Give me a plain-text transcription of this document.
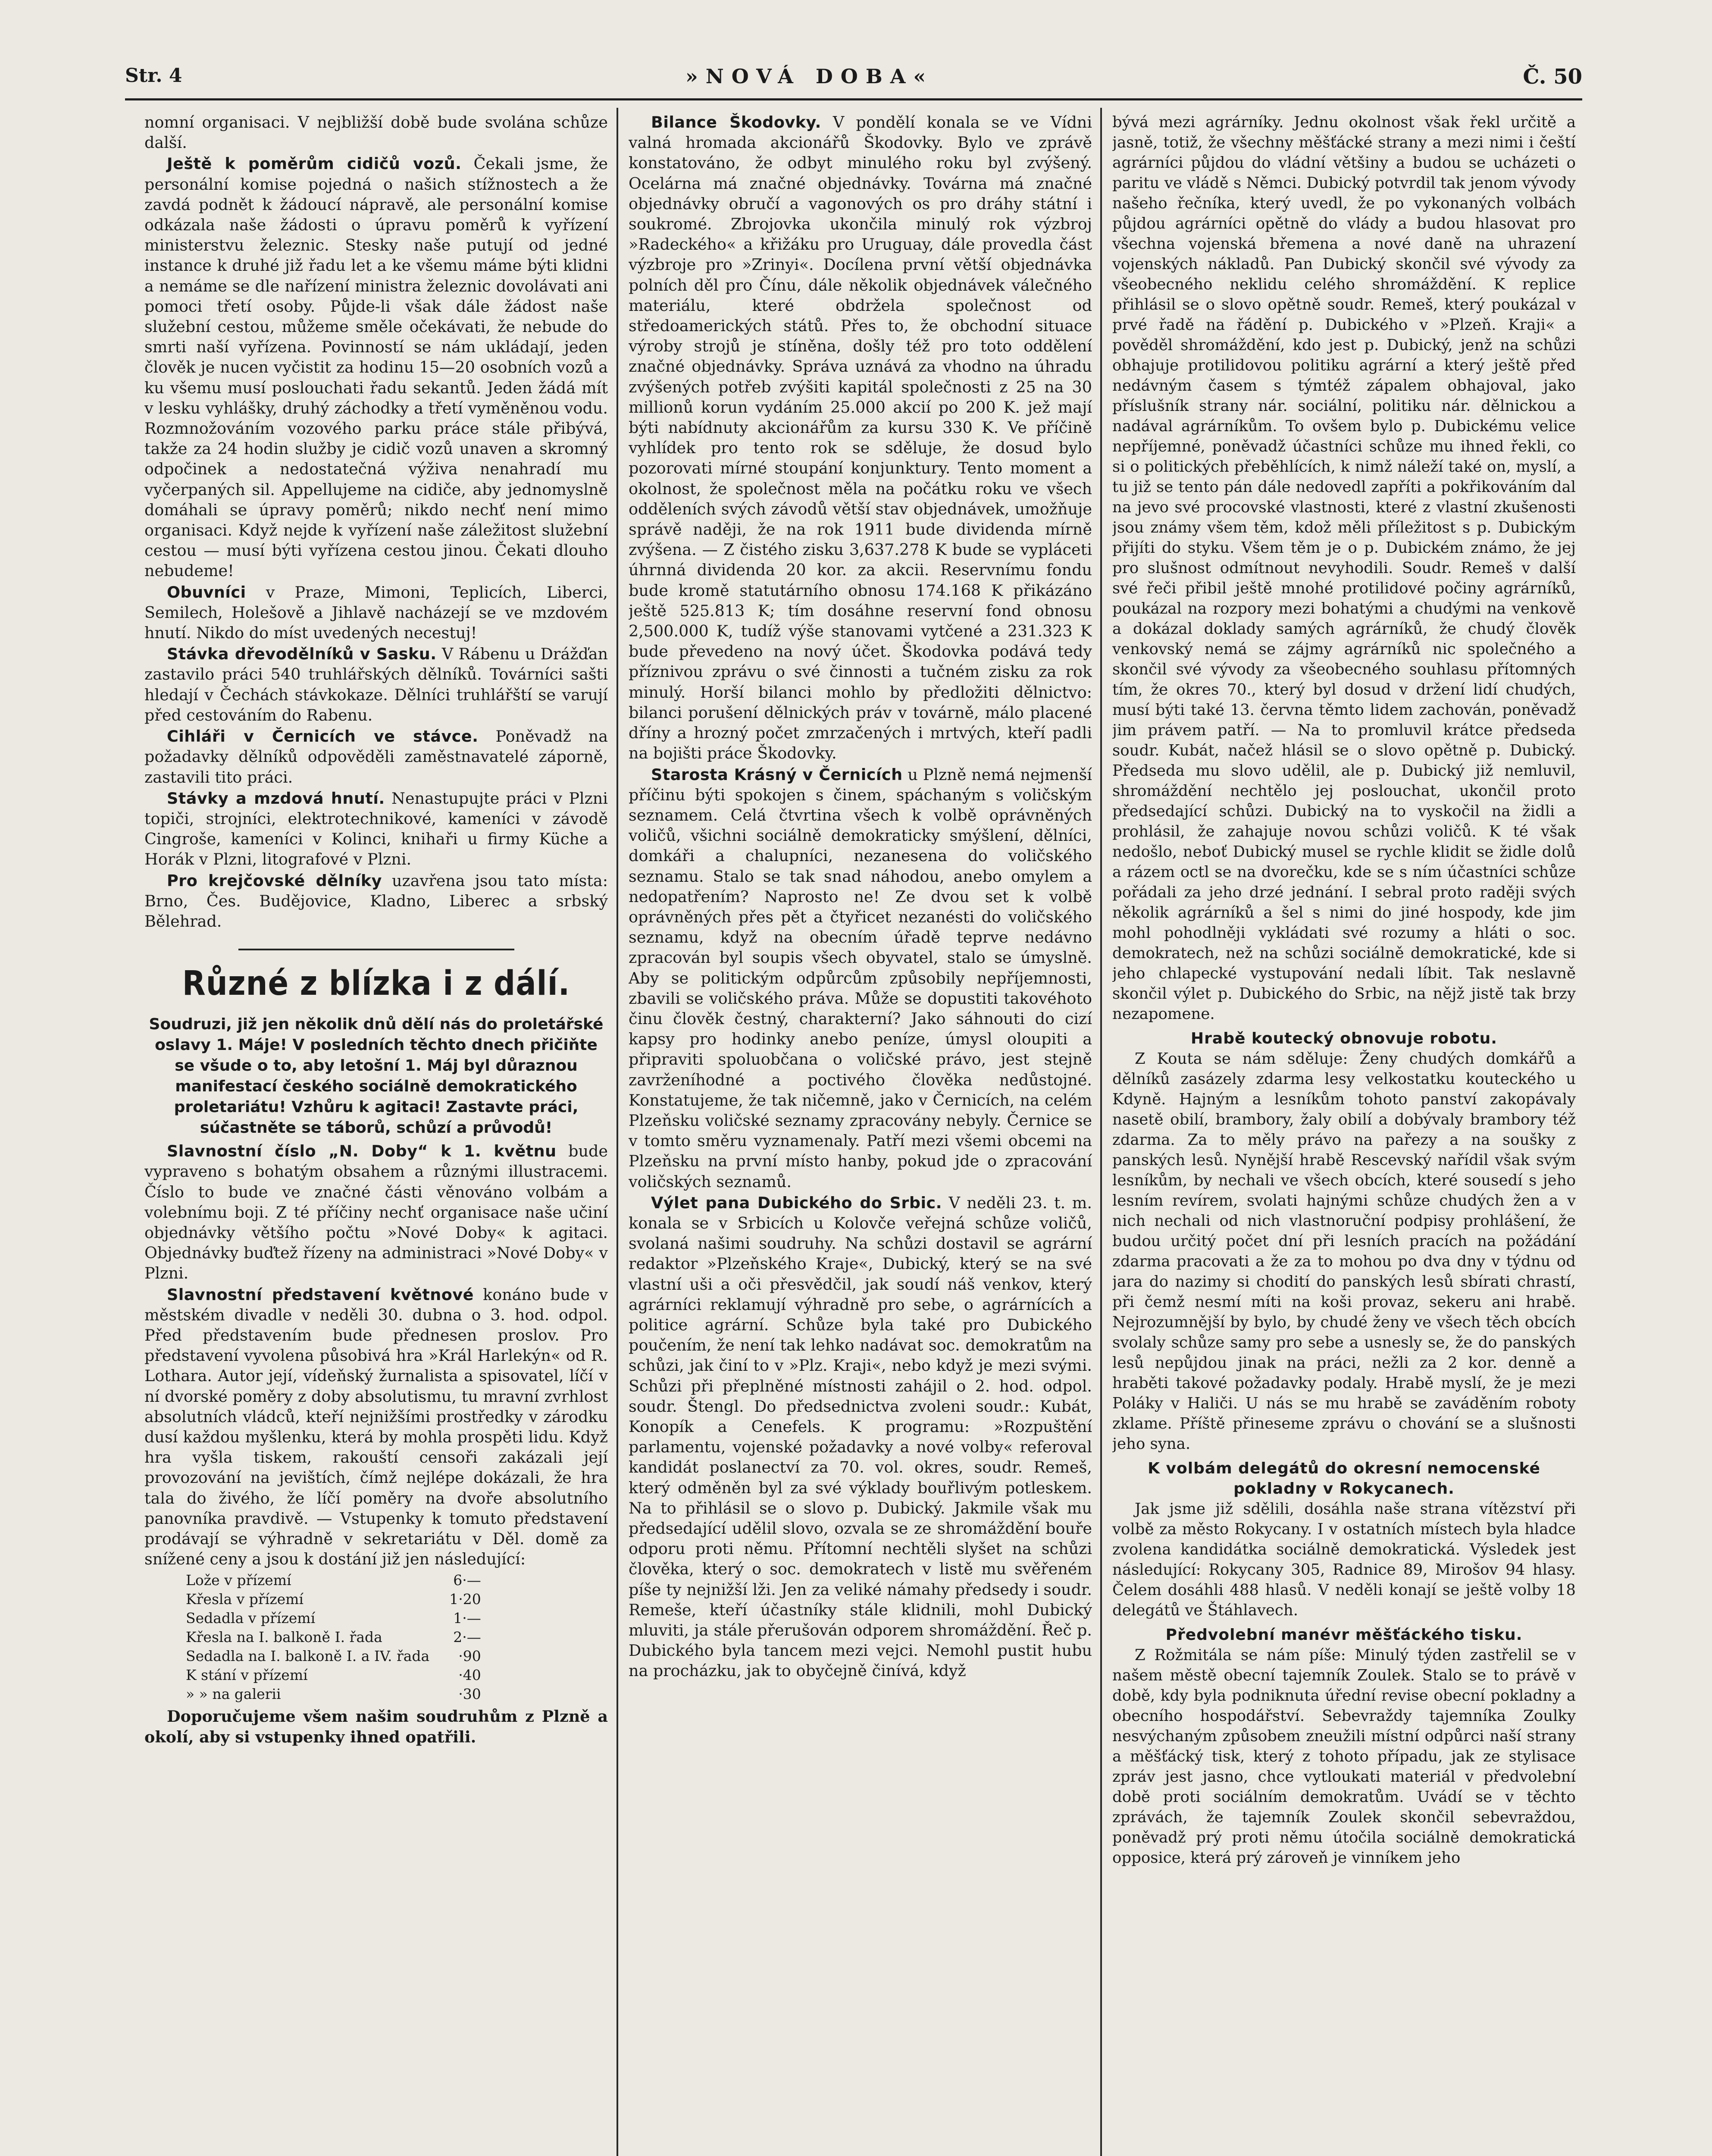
Str. 4	»NOVÁ DOBA«	Č. 50

nomní organisaci. V nejbližší době bude svolána schůze další.

Ještě k poměrům cidičů vozů. Čekali jsme, že personální komise pojedná o našich stížnostech a že zavdá podnět k žádoucí nápravě, ale personální komise odkázala naše žádosti o úpravu poměrů k vyřízení ministerstvu železnic. Stesky naše putují od jedné instance k druhé již řadu let a ke všemu máme býti klidni a nemáme se dle nařízení ministra železnic dovolávati ani pomoci třetí osoby. Půjde-li však dále žádost naše služební cestou, můžeme směle očekávati, že nebude do smrti naší vyřízena. Povinností se nám ukládají, jeden člověk je nucen vyčistit za hodinu 15—20 osobních vozů a ku všemu musí poslouchati řadu sekantů. Jeden žádá mít v lesku vyhlášky, druhý záchodky a třetí vyměněnou vodu. Rozmnožováním vozového parku práce stále přibývá, takže za 24 hodin služby je cidič vozů unaven a skromný odpočinek a nedostatečná výživa nenahradí mu vyčerpaných sil. Appellujeme na cidiče, aby jednomyslně domáhali se úpravy poměrů; nikdo nechť není mimo organisaci. Když nejde k vyřízení naše záležitost služební cestou — musí býti vyřízena cestou jinou. Čekati dlouho nebudeme!

Obuvníci v Praze, Mimoni, Teplicích, Liberci, Semilech, Holešově a Jihlavě nacházejí se ve mzdovém hnutí. Nikdo do míst uvedených necestuj!

Stávka dřevodělníků v Sasku. V Rábenu u Drážďan zastavilo práci 540 truhlářských dělníků. Továrníci sašti hledají v Čechách stávkokaze. Dělníci truhlářští se varují před cestováním do Rabenu.

Cihláři v Černicích ve stávce. Poněvadž na požadavky dělníků odpověděli zaměstnavatelé záporně, zastavili tito práci.

Stávky a mzdová hnutí. Nenastupujte práci v Plzni topiči, strojníci, elektrotechnikové, kameníci v závodě Cingroše, kameníci v Kolinci, knihaři u firmy Küche a Horák v Plzni, litografové v Plzni.

Pro krejčovské dělníky uzavřena jsou tato místa: Brno, Čes. Budějovice, Kladno, Liberec a srbský Bělehrad.

Různé z blízka i z dálí.
Soudruzi, již jen několik dnů dělí nás do proletářské oslavy 1. Máje! V posledních těchto dnech přičiňte se všude o to, aby letošní 1. Máj byl důraznou manifestací českého sociálně demokratického proletariátu! Vzhůru k agitaci! Zastavte práci, súčastněte se táborů, schůzí a průvodů!

Slavnostní číslo „N. Doby“ k 1. květnu bude vypraveno s bohatým obsahem a různými illustracemi. Číslo to bude ve značné části věnováno volbám a volebnímu boji. Z té příčiny nechť organisace naše učiní objednávky většího počtu »Nové Doby« k agitaci. Objednávky buďtež řízeny na administraci »Nové Doby« v Plzni.

Slavnostní představení květnové konáno bude v městském divadle v neděli 30. dubna o 3. hod. odpol. Před představením bude přednesen proslov. Pro představení vyvolena působivá hra »Král Harlekýn« od R. Lothara. Autor její, vídeňský žurnalista a spisovatel, líčí v ní dvorské poměry z doby absolutismu, tu mravní zvrhlost absolutních vládců, kteří nejnižšími prostředky v zárodku dusí každou myšlenku, která by mohla prospěti lidu. Když hra vyšla tiskem, rakouští censoři zakázali její provozování na jevištích, čímž nejlépe dokázali, že hra tala do živého, že líčí poměry na dvoře absolutního panovníka pravdivě. — Vstupenky k tomuto představení prodávají se výhradně v sekretariátu v Děl. domě za snížené ceny a jsou k dostání již jen následující:

Lože v přízemí	6·—
Křesla v přízemí	1·20
Sedadla v přízemí	1·—
Křesla na I. balkoně I. řada	2·—
Sedadla na I. balkoně I. a IV. řada	·90
K stání v přízemí	·40
» » na galerii	·30

Doporučujeme všem našim soudruhům z Plzně a okolí, aby si vstupenky ihned opatřili.

Bilance Škodovky. V pondělí konala se ve Vídni valná hromada akcionářů Škodovky. Bylo ve zprávě konstatováno, že odbyt minulého roku byl zvýšený. Ocelárna má značné objednávky. Továrna má značné objednávky obručí a vagonových os pro dráhy státní i soukromé. Zbrojovka ukončila minulý rok výzbroj »Radeckého« a křižáku pro Uruguay, dále provedla část výzbroje pro »Zrinyi«. Docílena první větší objednávka polních děl pro Čínu, dále několik objednávek válečného materiálu, které obdržela společnost od středoamerických států. Přes to, že obchodní situace výroby strojů je stíněna, došly též pro toto oddělení značné objednávky. Správa uznává za vhodno na úhradu zvýšených potřeb zvýšiti kapitál společnosti z 25 na 30 millionů korun vydáním 25.000 akcií po 200 K. jež mají býti nabídnuty akcionářům za kursu 330 K. Ve příčině vyhlídek pro tento rok se sděluje, že dosud bylo pozorovati mírné stoupání konjunktury. Tento moment a okolnost, že společnost měla na počátku roku ve všech odděleních svých závodů větší stav objednávek, umožňuje správě naději, že na rok 1911 bude dividenda mírně zvýšena. — Z čistého zisku 3,637.278 K bude se vypláceti úhrnná dividenda 20 kor. za akcii. Reservnímu fondu bude kromě statutárního obnosu 174.168 K přikázáno ještě 525.813 K; tím dosáhne reservní fond obnosu 2,500.000 K, tudíž výše stanovami vytčené a 231.323 K bude převedeno na nový účet. Škodovka podává tedy příznivou zprávu o své činnosti a tučném zisku za rok minulý. Horší bilanci mohlo by předložiti dělnictvo: bilanci porušení dělnických práv v továrně, málo placené dříny a hrozný počet zmrzačených i mrtvých, kteří padli na bojišti práce Škodovky.

Starosta Krásný v Černicích u Plzně nemá nejmenší příčinu býti spokojen s činem, spáchaným s voličským seznamem. Celá čtvrtina všech k volbě oprávněných voličů, všichni sociálně demokraticky smýšlení, dělníci, domkáři a chalupníci, nezanesena do voličského seznamu. Stalo se tak snad náhodou, anebo omylem a nedopatřením? Naprosto ne! Ze dvou set k volbě oprávněných přes pět a čtyřicet nezanésti do voličského seznamu, když na obecním úřadě teprve nedávno zpracován byl soupis všech obyvatel, stalo se úmyslně. Aby se politickým odpůrcům způsobily nepříjemnosti, zbavili se voličského práva. Může se dopustiti takovéhoto činu člověk čestný, charakterní? Jako sáhnouti do cizí kapsy pro hodinky anebo peníze, úmysl oloupiti a připraviti spoluobčana o voličské právo, jest stejně zavrženíhodné a poctivého člověka nedůstojné. Konstatujeme, že tak ničemně, jako v Černicích, na celém Plzeňsku voličské seznamy zpracovány nebyly. Černice se v tomto směru vyznamenaly. Patří mezi všemi obcemi na Plzeňsku na první místo hanby, pokud jde o zpracování voličských seznamů.

Výlet pana Dubického do Srbic. V neděli 23. t. m. konala se v Srbicích u Kolovče veřejná schůze voličů, svolaná našimi soudruhy. Na schůzi dostavil se agrární redaktor »Plzeňského Kraje«, Dubický, který se na své vlastní uši a oči přesvědčil, jak soudí náš venkov, který agrárníci reklamují výhradně pro sebe, o agrárnících a politice agrární. Schůze byla také pro Dubického poučením, že není tak lehko nadávat soc. demokratům na schůzi, jak činí to v »Plz. Kraji«, nebo když je mezi svými. Schůzi při přeplněné místnosti zahájil o 2. hod. odpol. soudr. Štengl. Do předsednictva zvoleni soudr.: Kubát, Konopík a Cenefels. K programu: »Rozpuštění parlamentu, vojenské požadavky a nové volby« referoval kandidát poslanectví za 70. vol. okres, soudr. Remeš, který odměněn byl za své výklady bouřlivým potleskem. Na to přihlásil se o slovo p. Dubický. Jakmile však mu předsedající udělil slovo, ozvala se ze shromáždění bouře odporu proti němu. Přítomní nechtěli slyšet na schůzi člověka, který o soc. demokratech v listě mu svěřeném píše ty nejnižší lži. Jen za veliké námahy předsedy i soudr. Remeše, kteří účastníky stále klidnili, mohl Dubický mluviti, ja stále přerušován odporem shromáždění. Řeč p. Dubického byla tancem mezi vejci. Nemohl pustit hubu na procházku, jak to obyčejně činívá, když

bývá mezi agrárníky. Jednu okolnost však řekl určitě a jasně, totiž, že všechny měšťácké strany a mezi nimi i čeští agrárníci půjdou do vládní většiny a budou se ucházeti o paritu ve vládě s Němci. Dubický potvrdil tak jenom vývody našeho řečníka, který uvedl, že po vykonaných volbách půjdou agrárníci opětně do vlády a budou hlasovat pro všechna vojenská břemena a nové daně na uhrazení vojenských nákladů. Pan Dubický skončil své vývody za všeobecného neklidu celého shromáždění. K replice přihlásil se o slovo opětně soudr. Remeš, který poukázal v prvé řadě na řádění p. Dubického v »Plzeň. Kraji« a pověděl shromáždění, kdo jest p. Dubický, jenž na schůzi obhajuje protilidovou politiku agrární a který ještě před nedávným časem s týmtéž zápalem obhajoval, jako příslušník strany nár. sociální, politiku nár. dělnickou a nadával agrárníkům. To ovšem bylo p. Dubickému velice nepříjemné, poněvadž účastníci schůze mu ihned řekli, co si o politických přeběhlících, k nimž náleží také on, myslí, a tu již se tento pán dále nedovedl zapříti a pokřikováním dal na jevo své procovské vlastnosti, které z vlastní zkušenosti jsou známy všem těm, kdož měli příležitost s p. Dubickým přijíti do styku. Všem těm je o p. Dubickém známo, že jej pro slušnost odmítnout nevyhodili. Soudr. Remeš v další své řeči přibil ještě mnohé protilidové počiny agrárníků, poukázal na rozpory mezi bohatými a chudými na venkově a dokázal doklady samých agrárníků, že chudý člověk venkovský nemá se zájmy agrárníků nic společného a skončil své vývody za všeobecného souhlasu přítomných tím, že okres 70., který byl dosud v držení lidí chudých, musí býti také 13. června těmto lidem zachován, poněvadž jim právem patří. — Na to promluvil krátce předseda soudr. Kubát, načež hlásil se o slovo opětně p. Dubický. Předseda mu slovo udělil, ale p. Dubický již nemluvil, shromáždění nechtělo jej poslouchat, ukončil proto předsedající schůzi. Dubický na to vyskočil na židli a prohlásil, že zahajuje novou schůzi voličů. K té však nedošlo, neboť Dubický musel se rychle klidit se židle dolů a rázem octl se na dvorečku, kde se s ním účastníci schůze pořádali za jeho drzé jednání. I sebral proto raději svých několik agrárníků a šel s nimi do jiné hospody, kde jim mohl pohodlněji vykládati své rozumy a hláti o soc. demokratech, než na schůzi sociálně demokratické, kde si jeho chlapecké vystupování nedali líbit. Tak neslavně skončil výlet p. Dubického do Srbic, na nějž jistě tak brzy nezapomene.

Hrabě koutecký obnovuje robotu.

Z Kouta se nám sděluje: Ženy chudých domkářů a dělníků zasázely zdarma lesy velkostatku kouteckého u Kdyně. Hajným a lesníkům tohoto panství zakopávaly nasetě obilí, brambory, žaly obilí a dobývaly brambory též zdarma. Za to měly právo na pařezy a na soušky z panských lesů. Nynější hrabě Rescevský nařídil však svým lesníkům, by nechali ve všech obcích, které sousedí s jeho lesním revírem, svolati hajnými schůze chudých žen a v nich nechali od nich vlastnoruční podpisy prohlášení, že budou určitý počet dní při lesních pracích na požádání zdarma pracovati a že za to mohou po dva dny v týdnu od jara do nazimy si chodití do panských lesů sbírati chrastí, při čemž nesmí míti na koši provaz, sekeru ani hrabě. Nejrozumnější by bylo, by chudé ženy ve všech těch obcích svolaly schůze samy pro sebe a usnesly se, že do panských lesů nepůjdou jinak na práci, nežli za 2 kor. denně a hraběti takové požadavky podaly. Hrabě myslí, že je mezi Poláky v Haliči. U nás se mu hrabě se zaváděním roboty zklame. Příště přineseme zprávu o chování se a slušnosti jeho syna.

K volbám delegátů do okresní nemocenské pokladny v Rokycanech.

Jak jsme již sdělili, dosáhla naše strana vítězství při volbě za město Rokycany. I v ostatních místech byla hladce zvolena kandidátka sociálně demokratická. Výsledek jest následující: Rokycany 305, Radnice 89, Mirošov 94 hlasy. Čelem dosáhli 488 hlasů. V neděli konají se ještě volby 18 delegátů ve Štáhlavech.

Předvolební manévr měšťáckého tisku.

Z Rožmitála se nám píše: Minulý týden zastřelil se v našem městě obecní tajemník Zoulek. Stalo se to právě v době, kdy byla podniknuta úřední revise obecní pokladny a obecního hospodářství. Sebevraždy tajemníka Zoulky nesvýchaným způsobem zneužili místní odpůrci naší strany a měšťácký tisk, který z tohoto případu, jak ze stylisace zpráv jest jasno, chce vytloukati materiál v předvolební době proti sociálním demokratům. Uvádí se v těchto zprávách, že tajemník Zoulek skončil sebevraždou, poněvadž prý proti němu útočila sociálně demokratická opposice, která prý zároveň je vinníkem jeho
